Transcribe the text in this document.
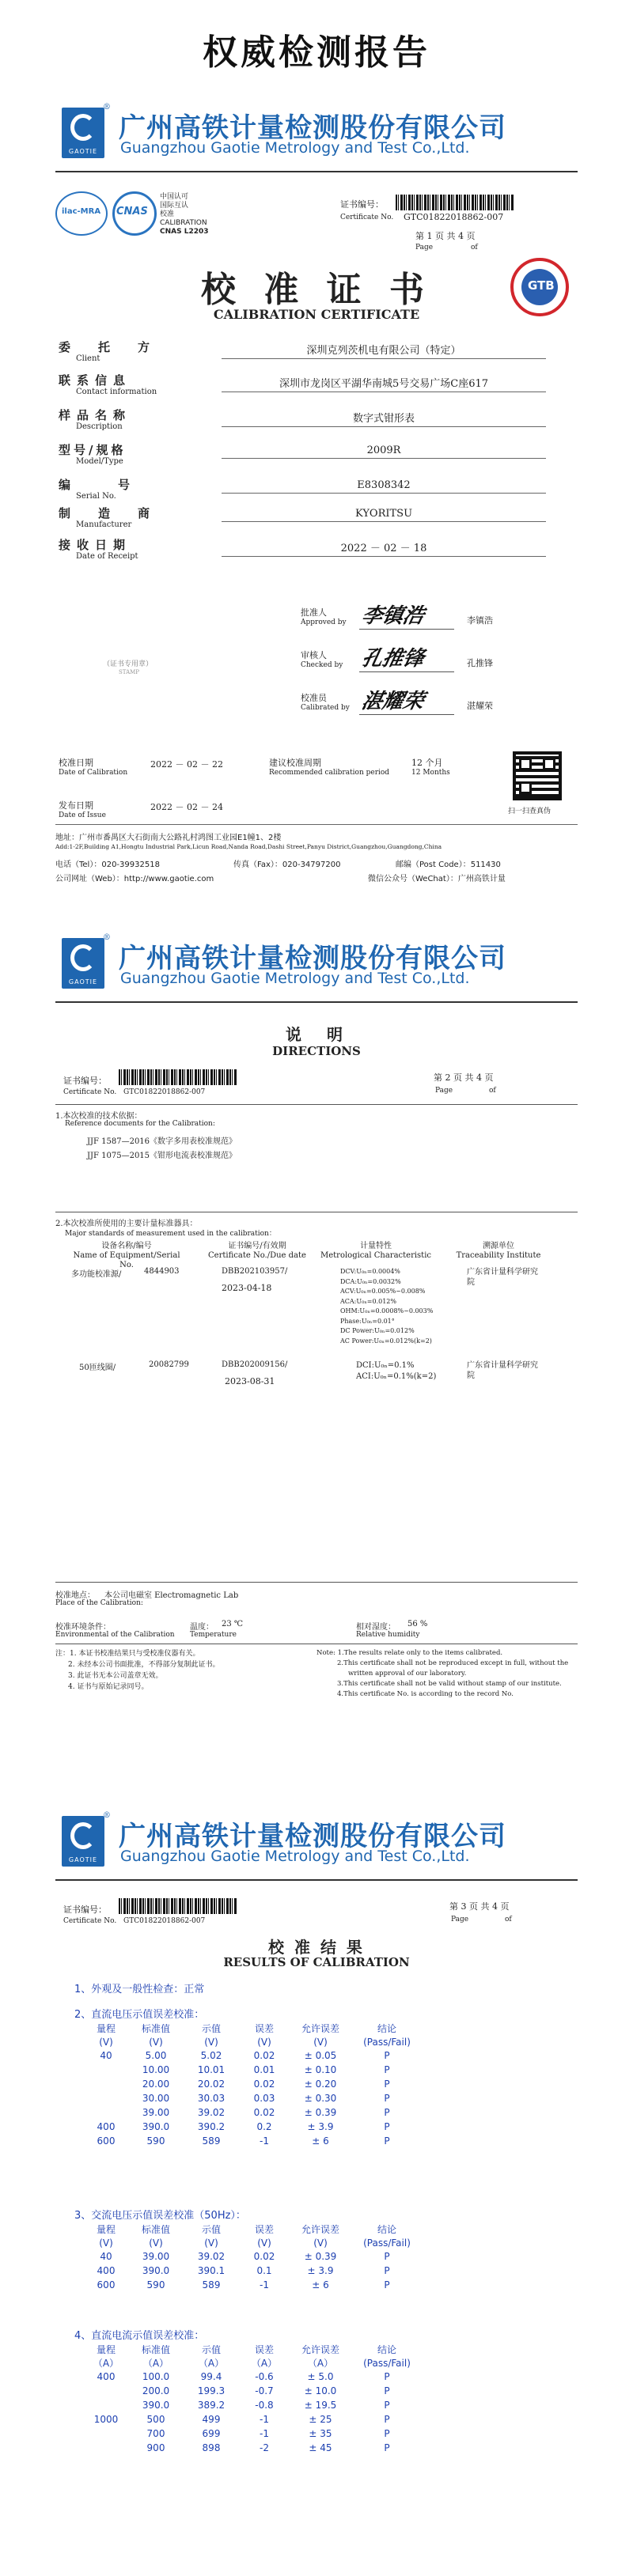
权威检测报告
GAOTIE
®
广州高铁计量检测股份有限公司
Guangzhou Gaotie Metrology and Test Co.,Ltd.
ilac-MRA CNAS
中国认可
国际互认
校准
CALIBRATION
CNAS L2203
证书编号：
Certificate No. GTC01822018862-007
第 1 页 共 4 页
Page	of
校 准 证 书
CALIBRATION CERTIFICATE
GTB
委　托　方
Client
深圳克列茨机电有限公司（特定）
联系信息
Contact information
深圳市龙岗区平湖华南城5号交易广场C座617
样品名称
Description
数字式钳形表
型号/规格
Model/Type
2009R
编　　号
Serial No.
E8308342
制　造　商
Manufacturer
KYORITSU
接收日期
Date of Receipt
2022 － 02 － 18
批准人
Approved by 李镇浩	李镇浩
审核人
Checked by 孔推锋	孔推锋
校准员
Calibrated by 湛耀荣	湛耀荣
（证书专用章）
STAMP
校准日期
Date of Calibration
2022 － 02 － 22	建议校准周期
Recommended calibration period
12 个月
12 Months
发布日期
Date of Issue
2022 － 02 － 24	扫一扫查真伪
地址：广州市番禺区大石街南大公路礼村鸿图工业园E1幢1、2楼
Add:1-2F,Building A1,Hongtu Industrial Park,Licun Road,Nanda Road,Dashi Street,Panyu District,Guangzhou,Guangdong,China
电话（Tel）：020-39932518	传真（Fax）：020-34797200	邮编（Post Code）：511430
公司网址（Web）：http://www.gaotie.com	微信公众号（WeChat）：广州高铁计量
GAOTIE
®
广州高铁计量检测股份有限公司
Guangzhou Gaotie Metrology and Test Co.,Ltd.
说　明
DIRECTIONS
证书编号：
Certificate No. GTC01822018862-007
第 2 页 共 4 页
Page	of
1.本次校准的技术依据：
Reference documents for the Calibration:
JJF 1587—2016《数字多用表校准规范》
JJF 1075—2015《钳形电流表校准规范》
2.本次校准所使用的主要计量标准器具：
Major standards of measurement used in the calibration：
设备名称/编号
Name of Equipment/Serial No.
证书编号/有效期
Certificate No./Due date
计量特性
Metrological Characteristic
溯源单位
Traceability Institute
多功能校准源/	4844903	DBB202103957/
2023-04-18
DCV:U₀ₙ=0.0004%
DCA:U₀ₙ=0.0032%
ACV:U₀ₙ=0.005%~0.008%
ACA:U₀ₙ=0.012%
OHM:U₀ₙ=0.0008%~0.003%
Phase:U₀ₙ=0.01°
DC Power:U₀ₙ=0.012%
AC Power:U₀ₙ=0.012%(k=2)
广东省计量科学研究院
50匝线圈/	20082799	DBB202009156/
2023-08-31
DCI:U₀ₙ=0.1%
ACI:U₀ₙ=0.1%(k=2)
广东省计量科学研究院
校准地点： 本公司电磁室 Electromagnetic Lab
Place of the Calibration:
校准环境条件：
Environmental of the Calibration
温度： 23 ℃
Temperature
相对湿度： 56 %
Relative humidity
注：1. 本证书校准结果只与受校准仪器有关。
2. 未经本公司书面批准，不得部分复制此证书。
3. 此证书无本公司盖章无效。
4. 证书与原始记录同号。
Note: 1.The results relate only to the items calibrated.
2.This certificate shall not be reproduced except in full, without the
written approval of our laboratory.
3.This certificate shall not be valid without stamp of our institute.
4.This certificate No. is according to the record No.
GAOTIE
®
广州高铁计量检测股份有限公司
Guangzhou Gaotie Metrology and Test Co.,Ltd.
证书编号：
Certificate No. GTC01822018862-007
第 3 页 共 4 页
Page	of
校 准 结 果
RESULTS OF CALIBRATION
1、外观及一般性检查：正常
2、直流电压示值误差校准：
量程	标准值	示值	误差	允许误差	结论
(V)	(V)	(V)	(V)	(V)	(Pass/Fail)
40	5.00	5.02	0.02	± 0.05	P
	10.00	10.01	0.01	± 0.10	P
	20.00	20.02	0.02	± 0.20	P
	30.00	30.03	0.03	± 0.30	P
	39.00	39.02	0.02	± 0.39	P
400	390.0	390.2	0.2	± 3.9	P
600	590	589	-1	± 6	P
3、交流电压示值误差校准（50Hz）：
量程	标准值	示值	误差	允许误差	结论
(V)	(V)	(V)	(V)	(V)	(Pass/Fail)
40	39.00	39.02	0.02	± 0.39	P
400	390.0	390.1	0.1	± 3.9	P
600	590	589	-1	± 6	P
4、直流电流示值误差校准：
量程	标准值	示值	误差	允许误差	结论
（A）	（A）	（A）	（A）	（A）	(Pass/Fail)
400	100.0	99.4	-0.6	± 5.0	P
	200.0	199.3	-0.7	± 10.0	P
	390.0	389.2	-0.8	± 19.5	P
1000	500	499	-1	± 25	P
	700	699	-1	± 35	P
	900	898	-2	± 45	P
